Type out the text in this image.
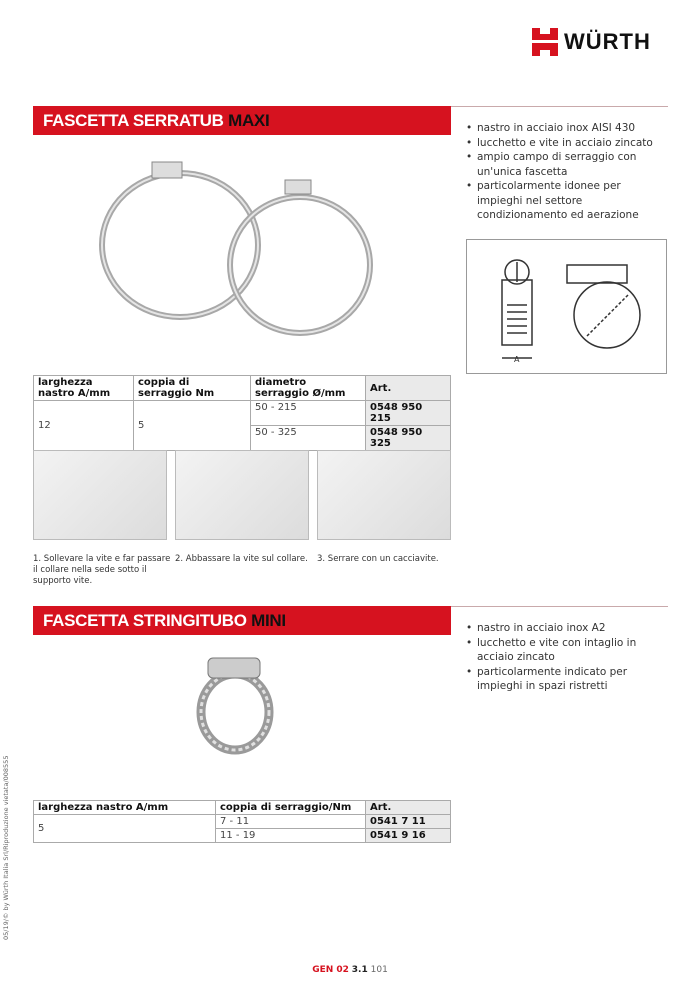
WÜRTH
FASCETTA SERRATUB MAXI	• nastro in acciaio inox AISI 430
• lucchetto e vite in acciaio zincato
• ampio campo di serraggio con un'unica fascetta
• particolarmente idonee per impieghi nel settore condizionamento ed aerazione
A
larghezza nastro A/mm	coppia di serraggio Nm	diametro serraggio Ø/mm	Art.
12	5	50 - 215	0548 950 215
		50 - 325	0548 950 325
1. Sollevare la vite e far passare il collare nella sede sotto il supporto vite.
2. Abbassare la vite sul collare.	3. Serrare con un cacciavite.
FASCETTA STRINGITUBO MINI	• nastro in acciaio inox A2
• lucchetto e vite con intaglio in acciaio zincato
• particolarmente indicato per impieghi in spazi ristretti
larghezza nastro A/mm	coppia di serraggio/Nm	Art.
5	7 - 11	0541 7 11
	11 - 19	0541 9 16
05/19/© by Würth Italia Srl/Riproduzione vietata/008555
GEN 02 3.1 101
